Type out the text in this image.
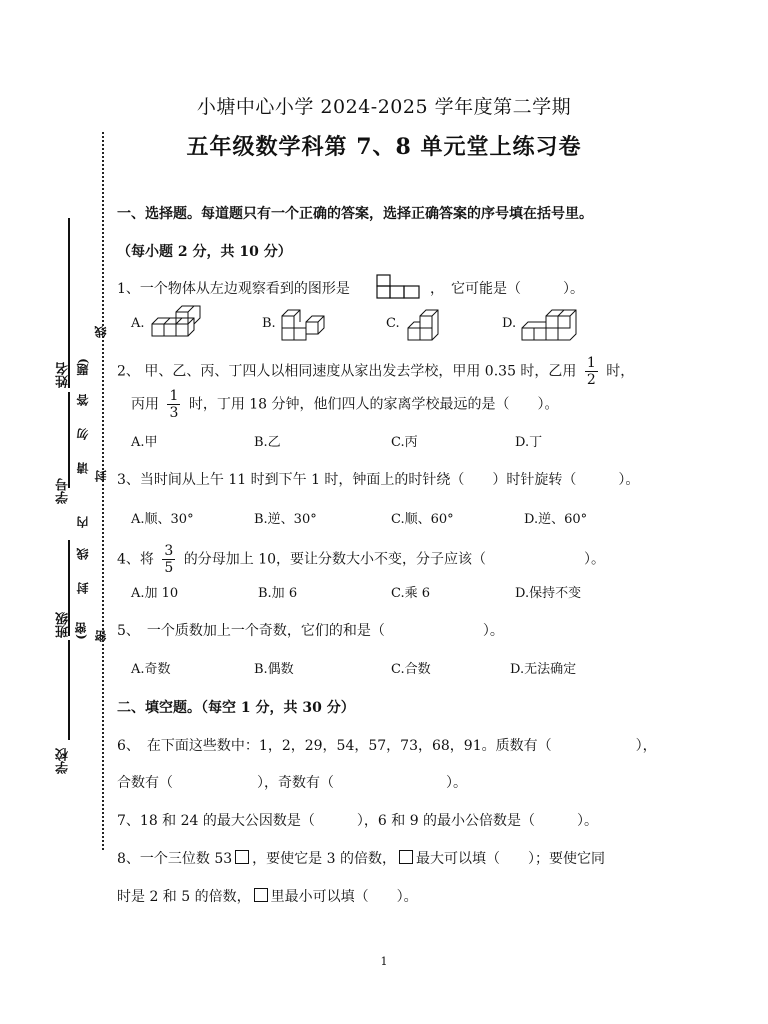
小塘中心小学 2024-2025 学年度第二学期
五年级数学科第 7、8 单元堂上练习卷
姓名
学号
班级
学校
(密
封
线
内
请
勿
答
题)
线
封
密
一、选择题。每道题只有一个正确的答案，选择正确答案的序号填在括号里。
（每小题 2 分，共 10 分）
1、一个物体从左边观察看到的图形是	，　它可能是（　　　）。
A.	B.	C.	D.
2、 甲、乙、丙、丁四人以相同速度从家出发去学校，甲用 0.35 时，乙用 $\frac{1}{2}$ 时，
丙用 $\frac{1}{3}$ 时，丁用 18 分钟，他们四人的家离学校最远的是（　　）。
A.甲	B.乙	C.丙	D.丁
3、当时间从上午 11 时到下午 1 时，钟面上的时针绕（　　）时针旋转（　　　）。
A.顺、30°	B.逆、30°	C.顺、60°	D.逆、60°
4、将 $\frac{3}{5}$ 的分母加上 10，要让分数大小不变，分子应该（　　　　　　　）。
A.加 10	B.加 6	C.乘 6	D.保持不变
5、　一个质数加上一个奇数，它们的和是（　　　　　　　）。
A.奇数	B.偶数	C.合数	D.无法确定
二、填空题。（每空 1 分，共 30 分）
6、　在下面这些数中：1，2，29，54，57，73，68，91。质数有（　　　　　　），
合数有（　　　　　　），奇数有（　　　　　　　　）。
7、18 和 24 的最大公因数是（　　　），6 和 9 的最小公倍数是（　　　）。
8、一个三位数 53 ，要使它是 3 的倍数， 最大可以填（　　）；要使它同
时是 2 和 5 的倍数， 里最小可以填（　　）。
1
